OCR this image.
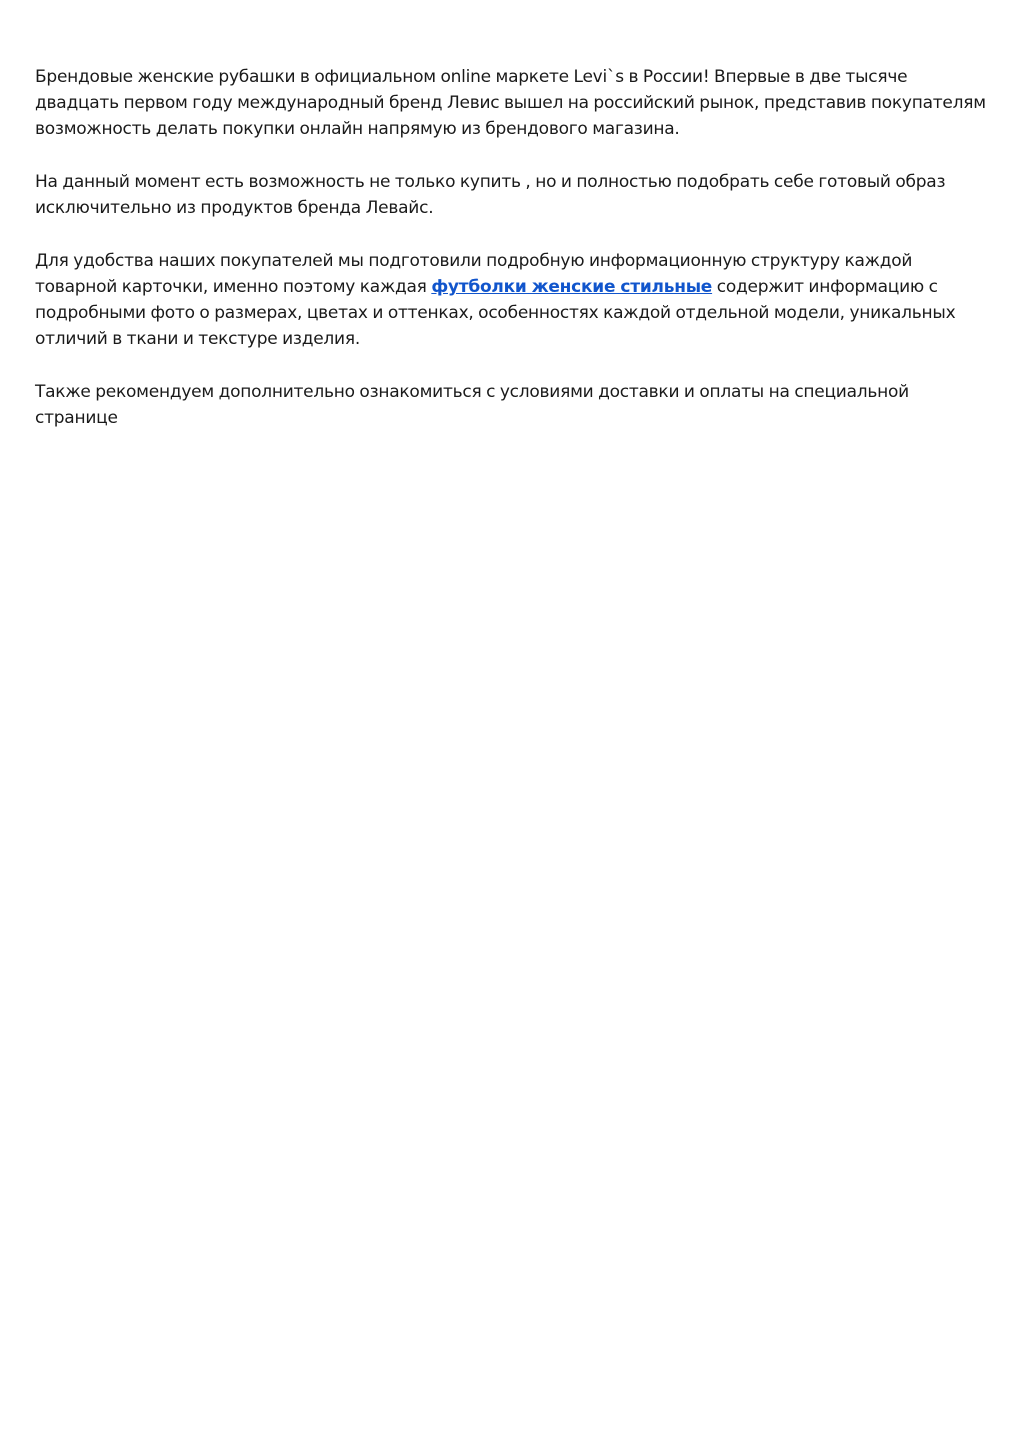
Брендовые женские рубашки в официальном online маркете Levi`s в России! Впервые в две тысяче двадцать первом году международный бренд Левис вышел на российский рынок, представив покупателям возможность делать покупки онлайн напрямую из брендового магазина.

На данный момент есть возможность не только купить , но и полностью подобрать себе готовый образ исключительно из продуктов бренда Левайс.

Для удобства наших покупателей мы подготовили подробную информационную структуру каждой товарной карточки, именно поэтому каждая футболки женские стильные содержит информацию с подробными фото о размерах, цветах и оттенках, особенностях каждой отдельной модели, уникальных отличий в ткани и текстуре изделия.

Также рекомендуем дополнительно ознакомиться с условиями доставки и оплаты на специальной странице
